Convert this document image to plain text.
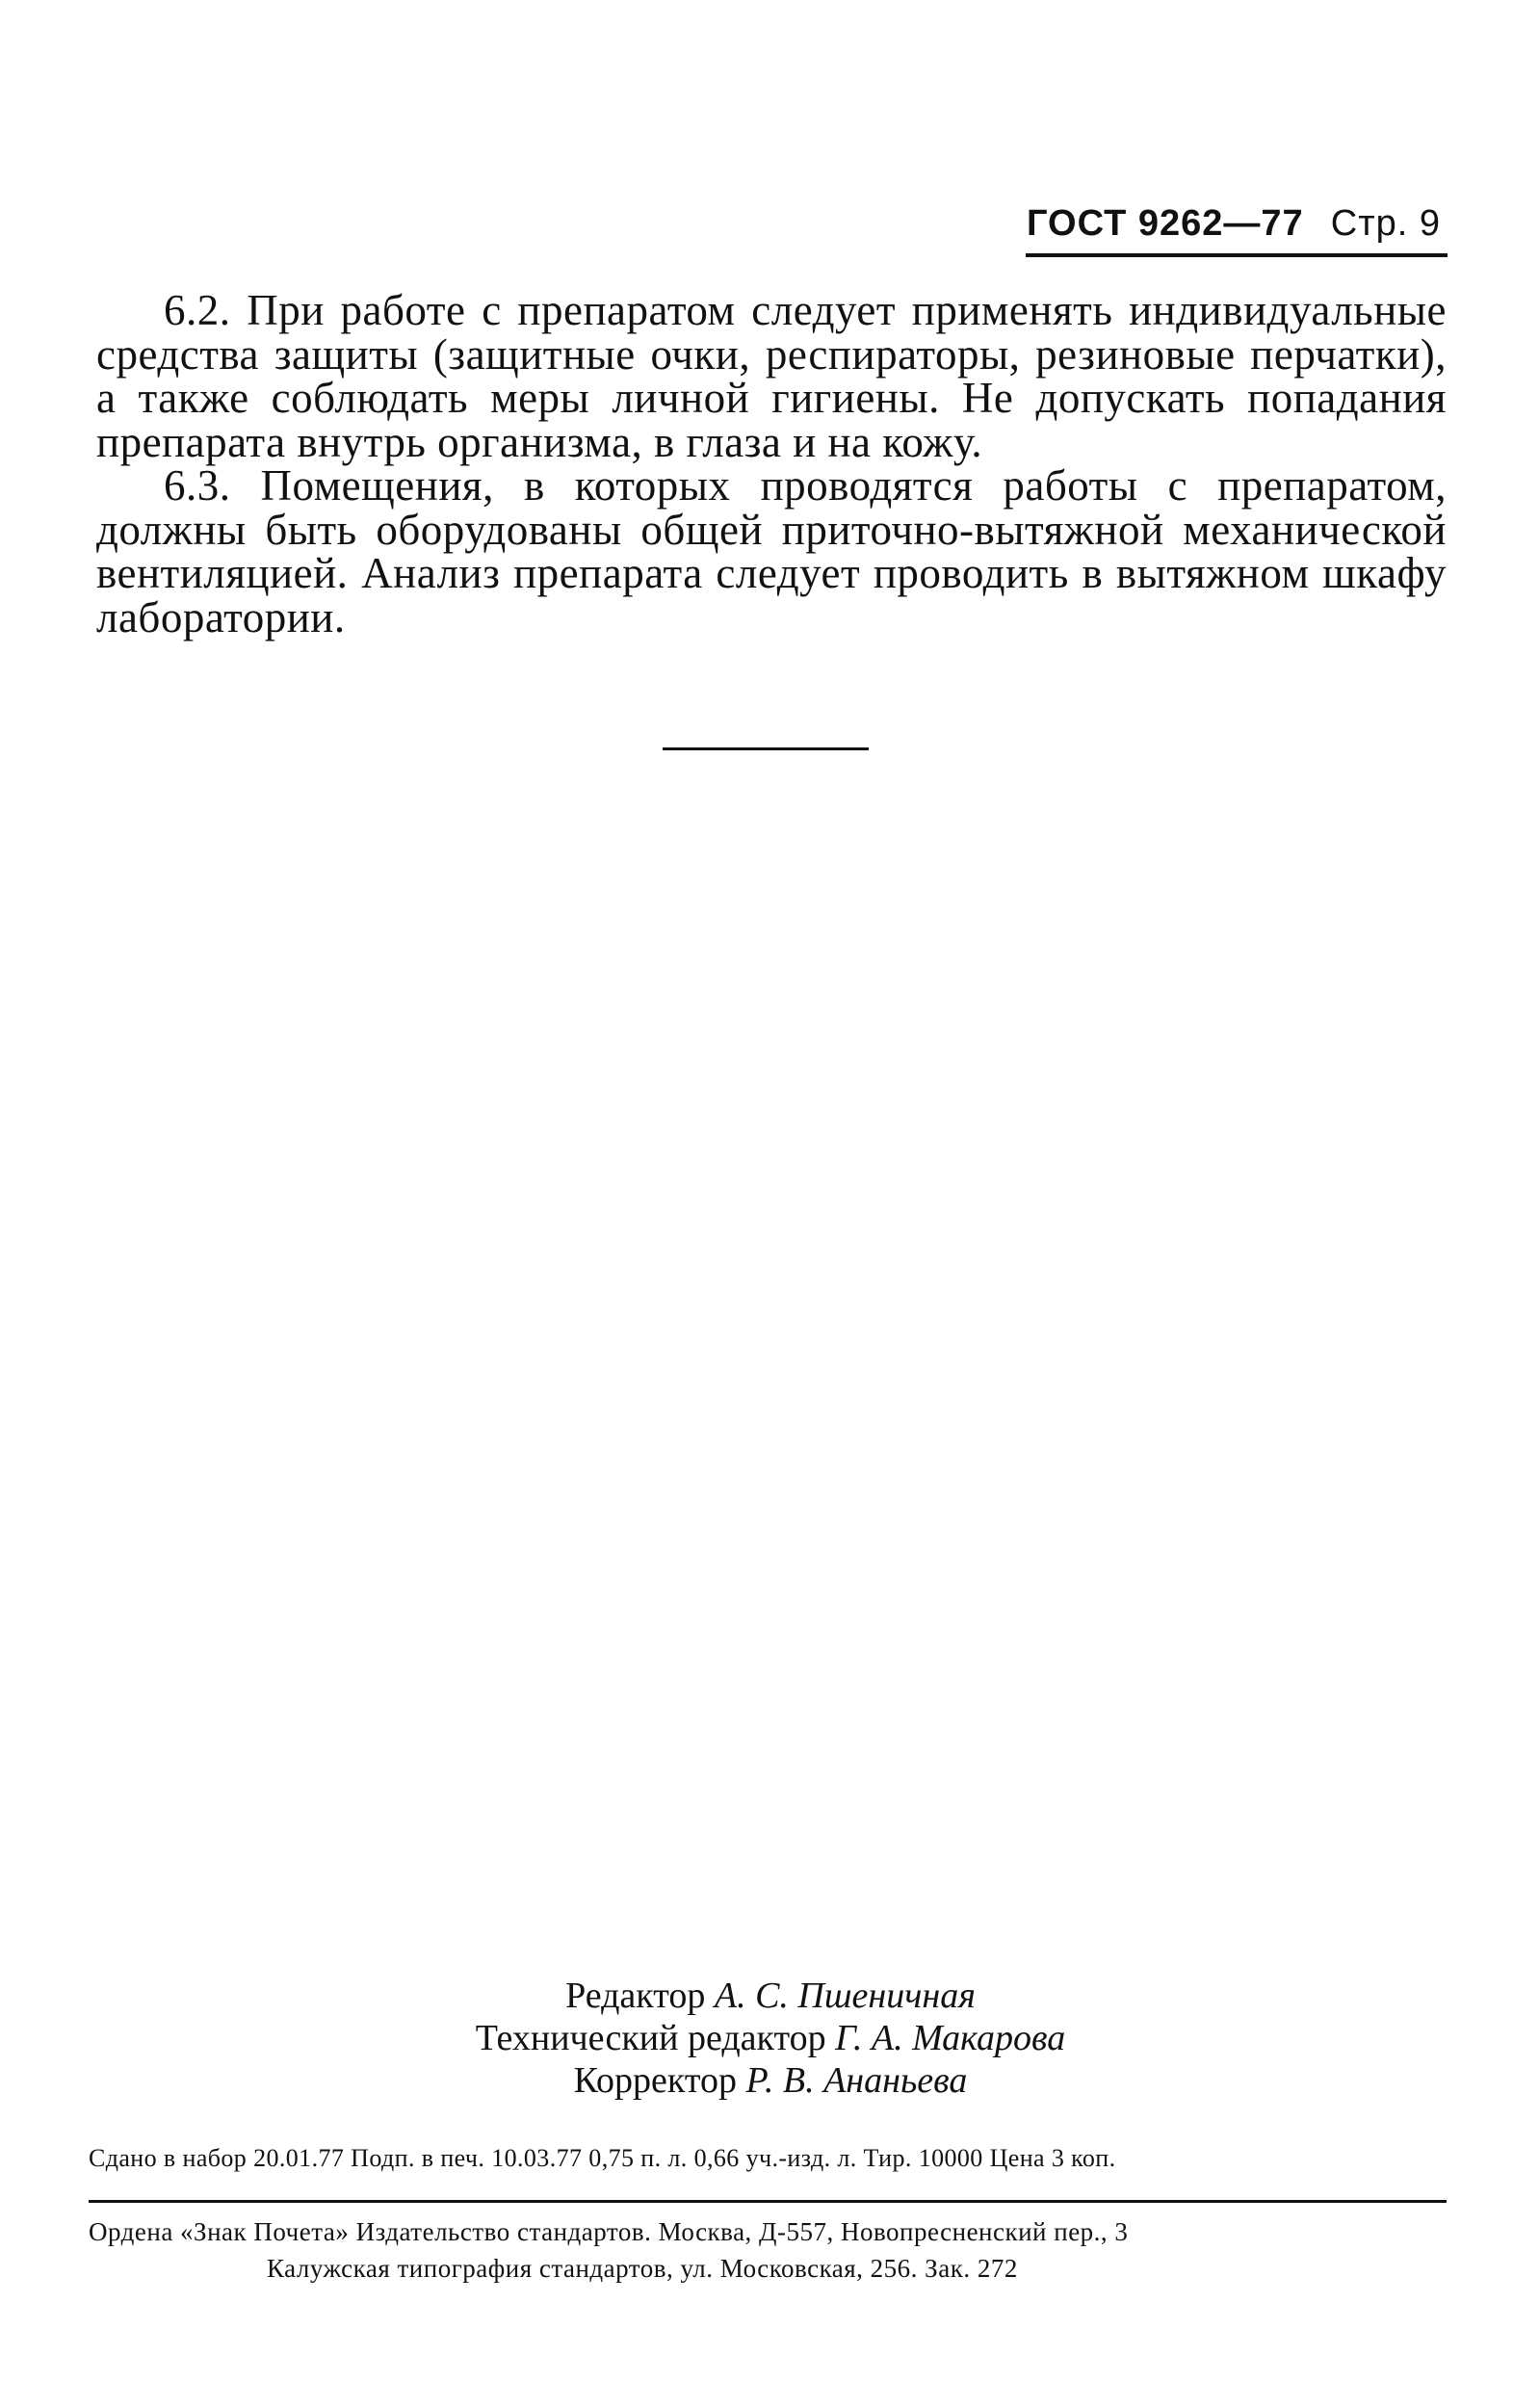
ГОСТ 9262—77 Стр. 9

6.2. При работе с препаратом следует применять индивидуальные средства защиты (защитные очки, респираторы, резиновые перчатки), а также соблюдать меры личной гигиены. Не допускать попадания препарата внутрь организма, в глаза и на кожу.

6.3. Помещения, в которых проводятся работы с препаратом, должны быть оборудованы общей приточно-вытяжной механической вентиляцией. Анализ препарата следует проводить в вытяжном шкафу лаборатории.

Редактор А. С. Пшеничная
Технический редактор Г. А. Макарова
Корректор Р. В. Ананьева
Сдано в набор 20.01.77 Подп. в печ. 10.03.77 0,75 п. л. 0,66 уч.-изд. л. Тир. 10000 Цена 3 коп.
Ордена «Знак Почета» Издательство стандартов. Москва, Д-557, Новопресненский пер., 3
Калужская типография стандартов, ул. Московская, 256. Зак. 272
